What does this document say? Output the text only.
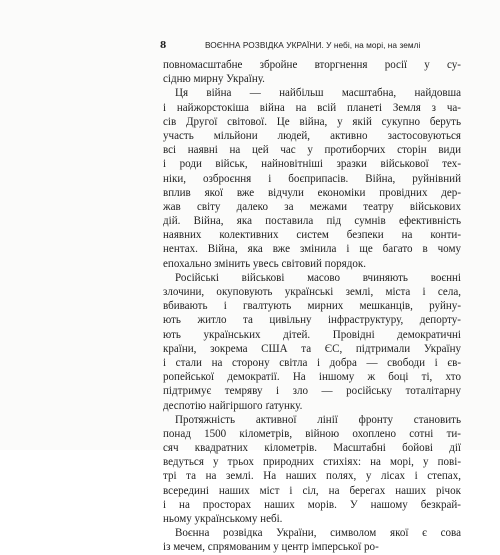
8	ВОЄННА РОЗВІДКА УКРАЇНИ. У небі, на морі, на землі
повномасштабне збройне вторгнення росії у су-
сідню мирну Україну.
Ця війна — найбільш масштабна, найдовша
і найжорстокіша війна на всій планеті Земля з ча-
сів Другої світової. Це війна, у якій сукупно беруть
участь мільйони людей, активно застосовуються
всі наявні на цей час у протиборчих сторін види
і роди військ, найновітніші зразки військової тех-
ніки, озброєння і боєприпасів. Війна, руйнівний
вплив якої вже відчули економіки провідних дер-
жав світу далеко за межами театру військових
дій. Війна, яка поставила під сумнів ефективність
наявних колективних систем безпеки на конти-
нентах. Війна, яка вже змінила і ще багато в чому
епохально змінить увесь світовий порядок.
Російські військові масово вчиняють воєнні
злочини, окуповують українські землі, міста і села,
вбивають і гвалтують мирних мешканців, руйну-
ють житло та цивільну інфраструктуру, депорту-
ють українських дітей. Провідні демократичні
країни, зокрема США та ЄС, підтримали Україну
і стали на сторону світла і добра — свободи і єв-
ропейської демократії. На іншому ж боці ті, хто
підтримує темряву і зло — російську тоталітарну
деспотію найгіршого ґатунку.
Протяжність активної лінії фронту становить
понад 1500 кілометрів, війною охоплено сотні ти-
сяч квадратних кілометрів. Масштабні бойові дії
ведуться у трьох природних стихіях: на морі, у пові-
трі та на землі. На наших полях, у лісах і степах,
всередині наших міст і сіл, на берегах наших річок
і на просторах наших морів. У нашому безкрай-
ньому українському небі.
Воєнна розвідка України, символом якої є сова
із мечем, спрямованим у центр імперської ро-
